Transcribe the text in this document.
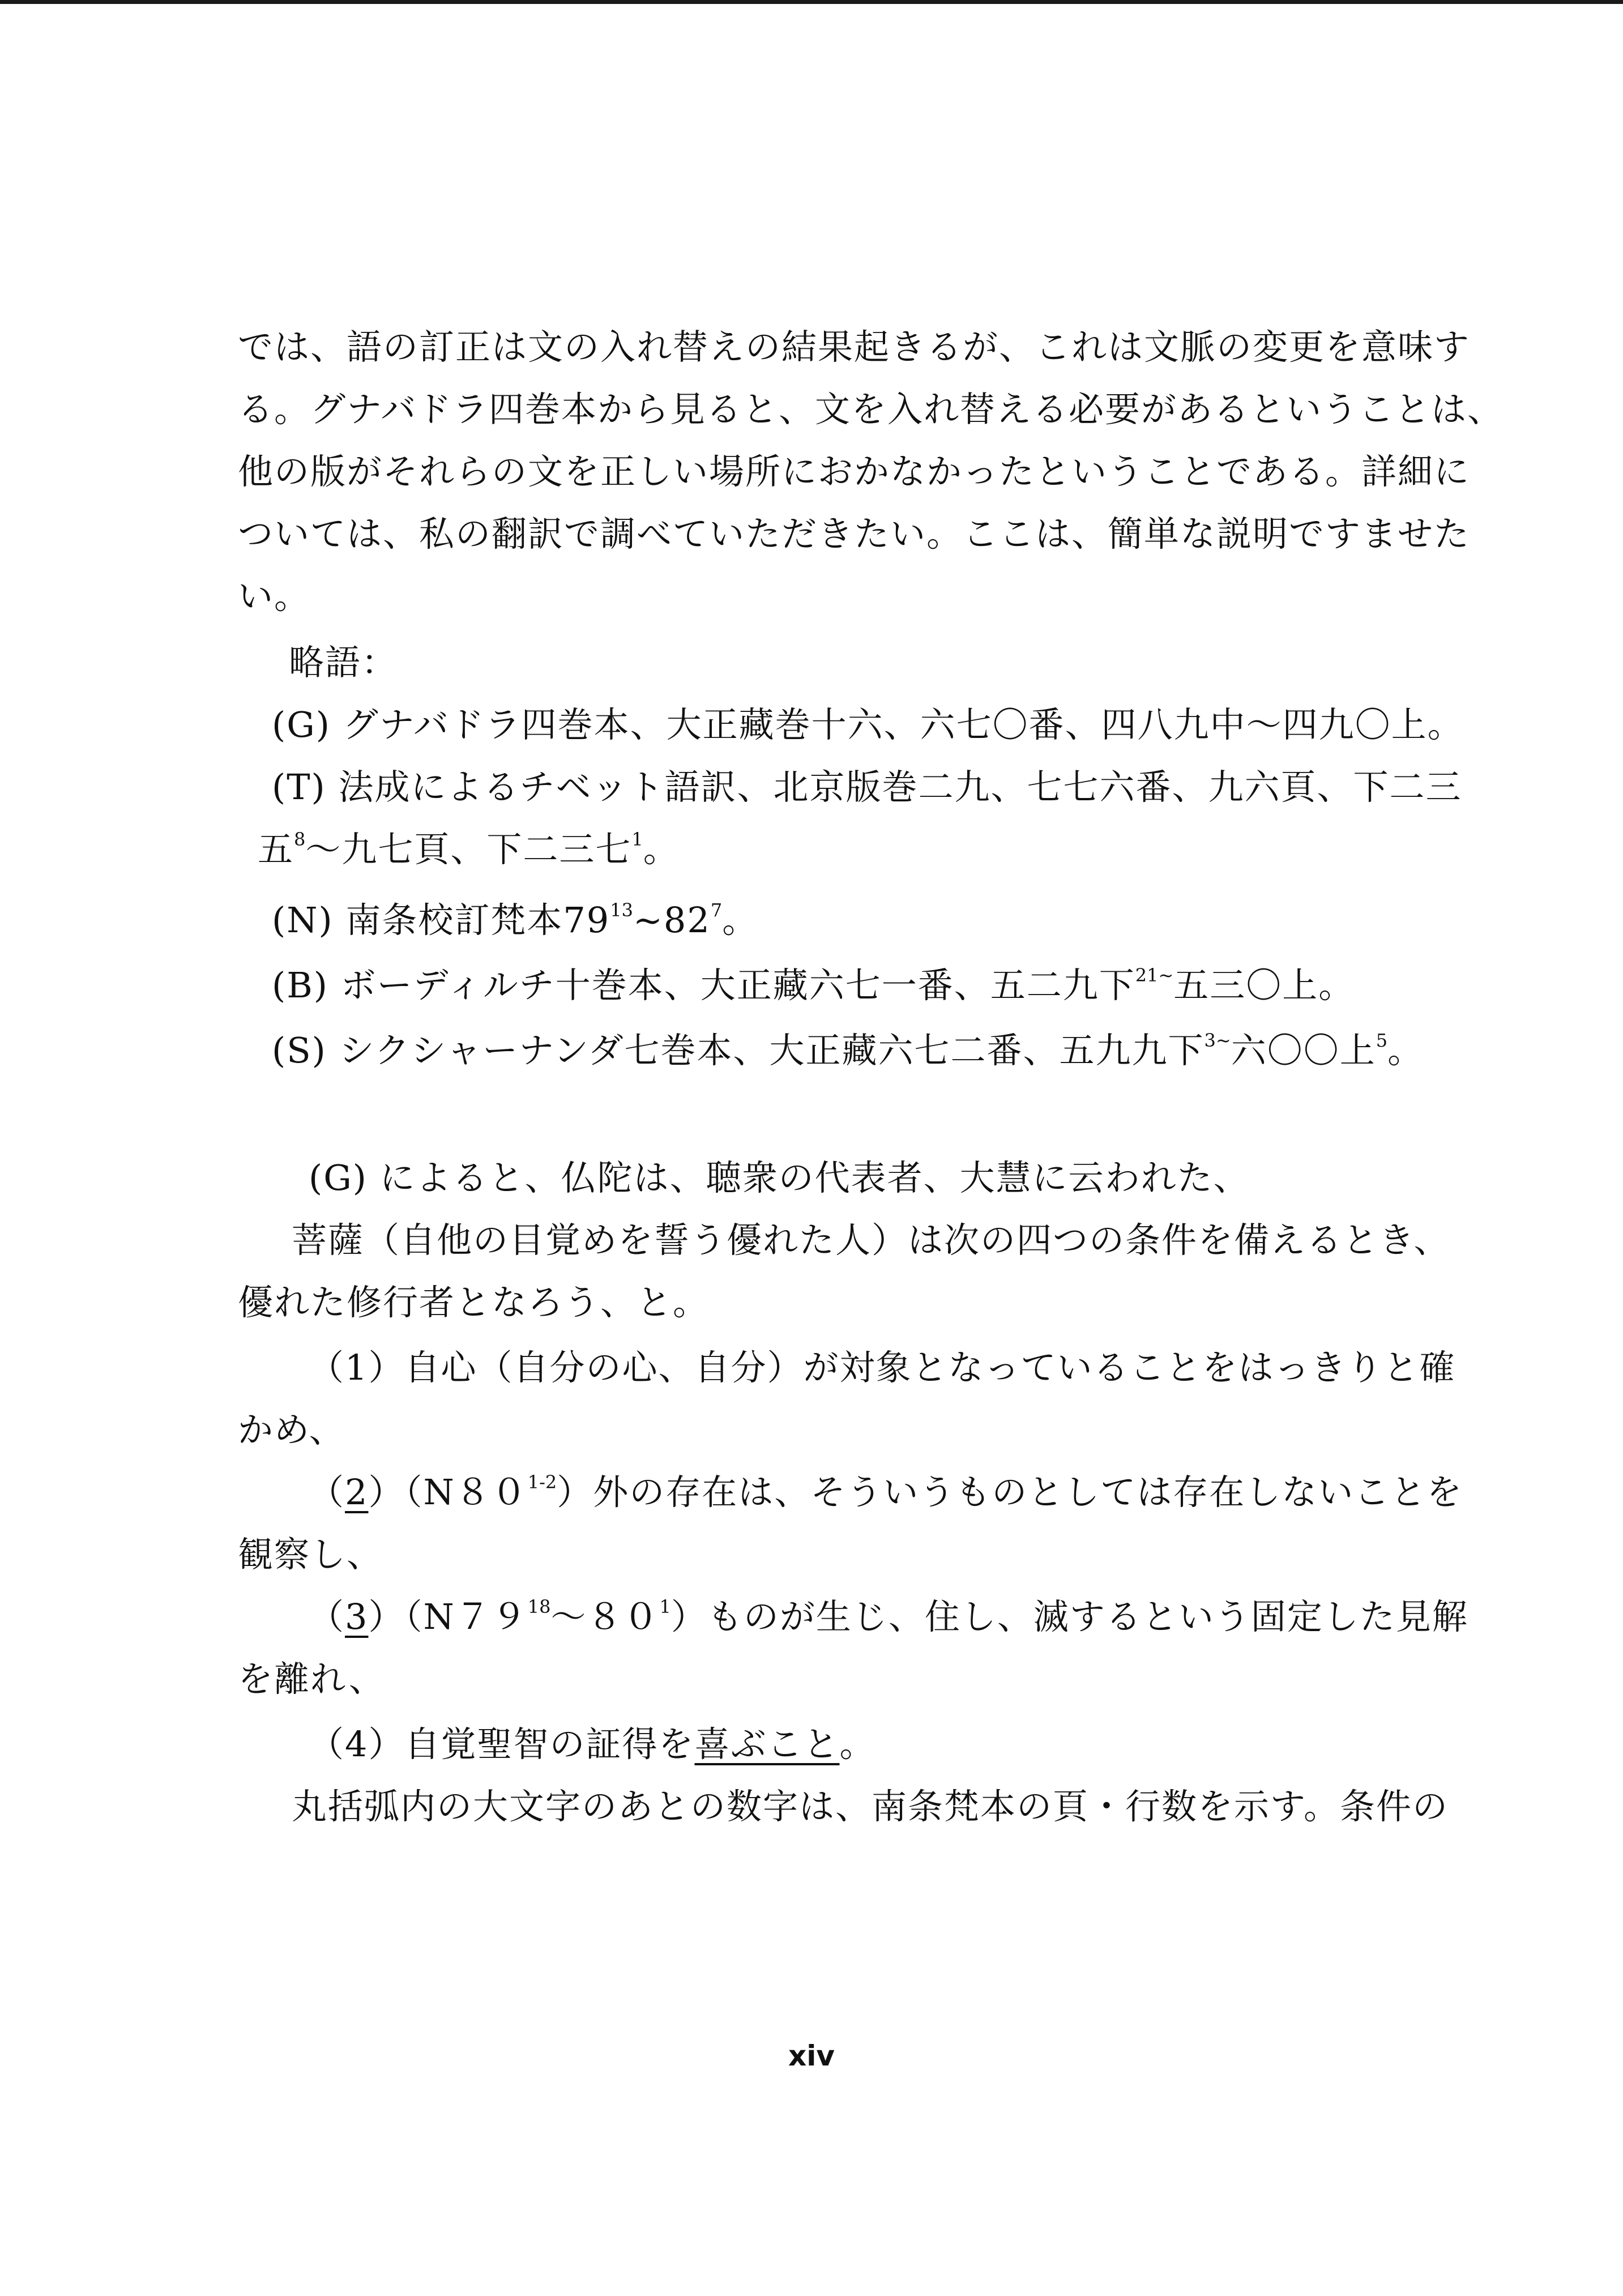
では、語の訂正は文の入れ替えの結果起きるが、これは文脈の変更を意味す
る。グナバドラ四巻本から見ると、文を入れ替える必要があるということは、
他の版がそれらの文を正しい場所におかなかったということである。詳細に
ついては、私の翻訳で調べていただきたい。ここは、簡単な説明ですませた
い。
略語：
(G) グナバドラ四巻本、大正藏巻十六、六七〇番、四八九中～四九〇上。
(T) 法成によるチベット語訳、北京版巻二九、七七六番、九六頁、下二三
五$^8$～九七頁、下二三七$^1$。
(N) 南条校訂梵本$79^{13}\sim 82^7$。
(B) ボーディルチ十巻本、大正藏六七一番、五二九下$^{21\sim}$五三〇上。
(S) シクシャーナンダ七巻本、大正藏六七二番、五九九下$^{3\sim}$六〇〇上$^5$。
(G) によると、仏陀は、聴衆の代表者、大慧に云われた、
菩薩（自他の目覚めを誓う優れた人）は次の四つの条件を備えるとき、
優れた修行者となろう、と。
（1）自心（自分の心、自分）が対象となっていることをはっきりと確
かめ、
（2）（N８０$^{1-2}$）外の存在は、そういうものとしては存在しないことを
観察し、
$(3)(N79^{18}\sim 80^1)$ものが生じ、住し、滅するという固定した見解
を離れ、
（4）自覚聖智の証得を喜ぶこと。
丸括弧内の大文字のあとの数字は、南条梵本の頁・行数を示す。条件の
xiv
